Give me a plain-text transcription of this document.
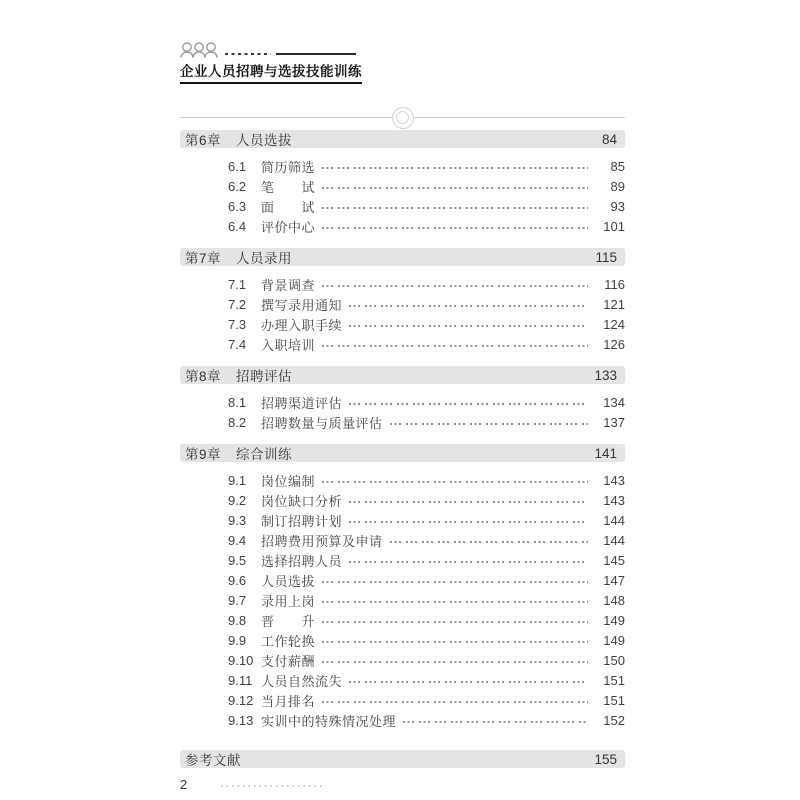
企业人员招聘与选拔技能训练
第6章 人员选拔	84
6.1	简历筛选	85
6.2	笔　　试	89
6.3	面　　试	93
6.4	评价中心	101
第7章 人员录用	115
7.1	背景调查	116
7.2	撰写录用通知	121
7.3	办理入职手续	124
7.4	入职培训	126
第8章 招聘评估	133
8.1	招聘渠道评估	134
8.2	招聘数量与质量评估	137
第9章 综合训练	141
9.1	岗位编制	143
9.2	岗位缺口分析	143
9.3	制订招聘计划	144
9.4	招聘费用预算及申请	144
9.5	选择招聘人员	145
9.6	人员选拔	147
9.7	录用上岗	148
9.8	晋　　升	149
9.9	工作轮换	149
9.10 支付薪酬	150
9.11 人员自然流失	151
9.12 当月排名	151
9.13 实训中的特殊情况处理	152
参考文献	155
2
